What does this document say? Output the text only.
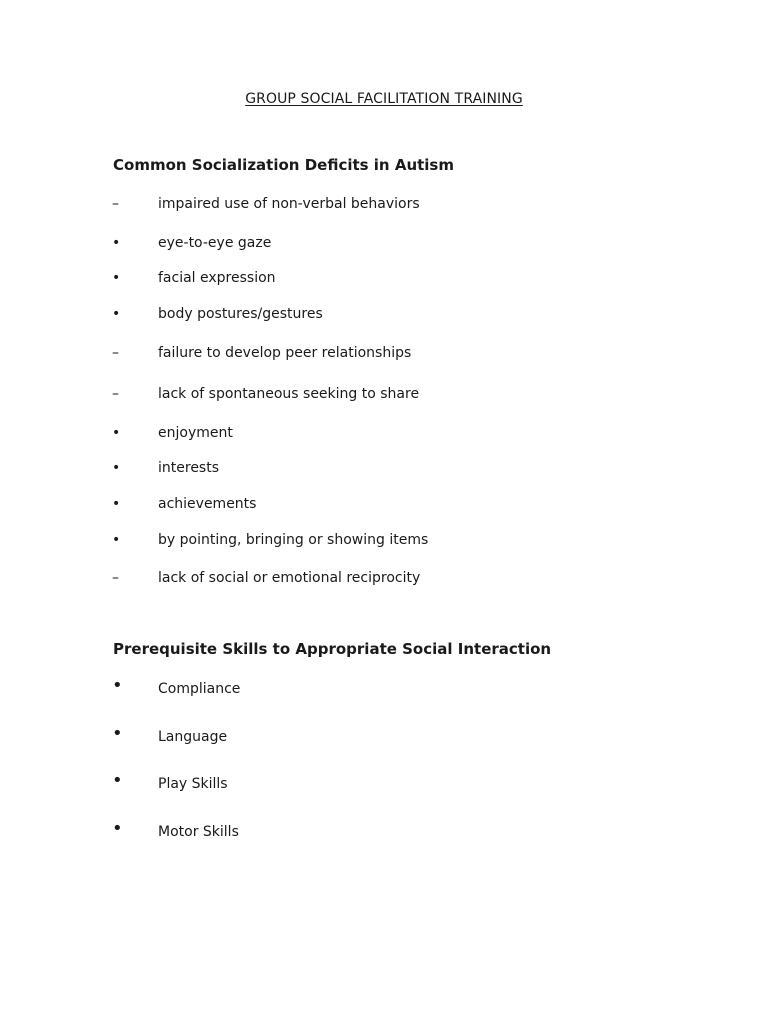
GROUP SOCIAL FACILITATION TRAINING
Common Socialization Deficits in Autism
–	impaired use of non-verbal behaviors
•	eye-to-eye gaze
•	facial expression
•	body postures/gestures
–	failure to develop peer relationships
–	lack of spontaneous seeking to share
•	enjoyment
•	interests
•	achievements
•	by pointing, bringing or showing items
–	lack of social or emotional reciprocity
Prerequisite Skills to Appropriate Social Interaction
•	Compliance
•	Language
•	Play Skills
•	Motor Skills
